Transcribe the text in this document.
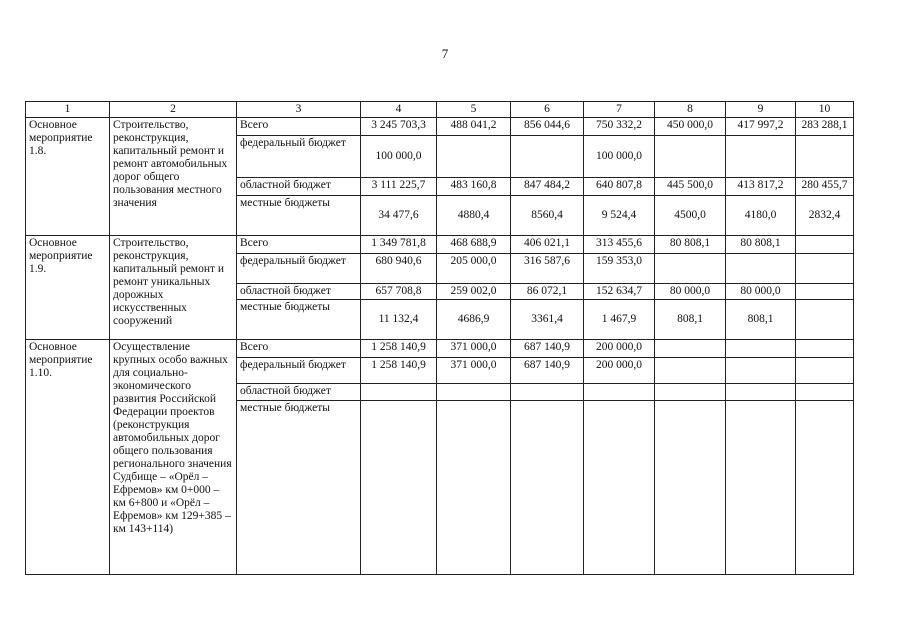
7
1	2	3	4	5	6	7	8	9	10
Основное мероприятие 1.8.	Строительство, реконструкция, капитальный ремонт и ремонт автомобильных дорог общего пользования местного значения	Всего	3 245 703,3	488 041,2	856 044,6	750 332,2	450 000,0	417 997,2	283 288,1
		федеральный бюджет	100 000,0			100 000,0			
		областной бюджет	3 111 225,7	483 160,8	847 484,2	640 807,8	445 500,0	413 817,2	280 455,7
		местные бюджеты	34 477,6	4880,4	8560,4	9 524,4	4500,0	4180,0	2832,4
Основное мероприятие 1.9.	Строительство, реконструкция, капитальный ремонт и ремонт уникальных дорожных искусственных сооружений	Всего	1 349 781,8	468 688,9	406 021,1	313 455,6	80 808,1	80 808,1	
		федеральный бюджет	680 940,6	205 000,0	316 587,6	159 353,0			
		областной бюджет	657 708,8	259 002,0	86 072,1	152 634,7	80 000,0	80 000,0	
		местные бюджеты	11 132,4	4686,9	3361,4	1 467,9	808,1	808,1	
Основное мероприятие 1.10.	Осуществление крупных особо важных для социально-экономического развития Российской Федерации проектов (реконструкция автомобильных дорог общего пользования регионального значения Судбище – «Орёл – Ефремов» км 0+000 – км 6+800 и «Орёл – Ефремов» км 129+385 – км 143+114)	Всего	1 258 140,9	371 000,0	687 140,9	200 000,0			
		федеральный бюджет	1 258 140,9	371 000,0	687 140,9	200 000,0			
		областной бюджет							
		местные бюджеты							
